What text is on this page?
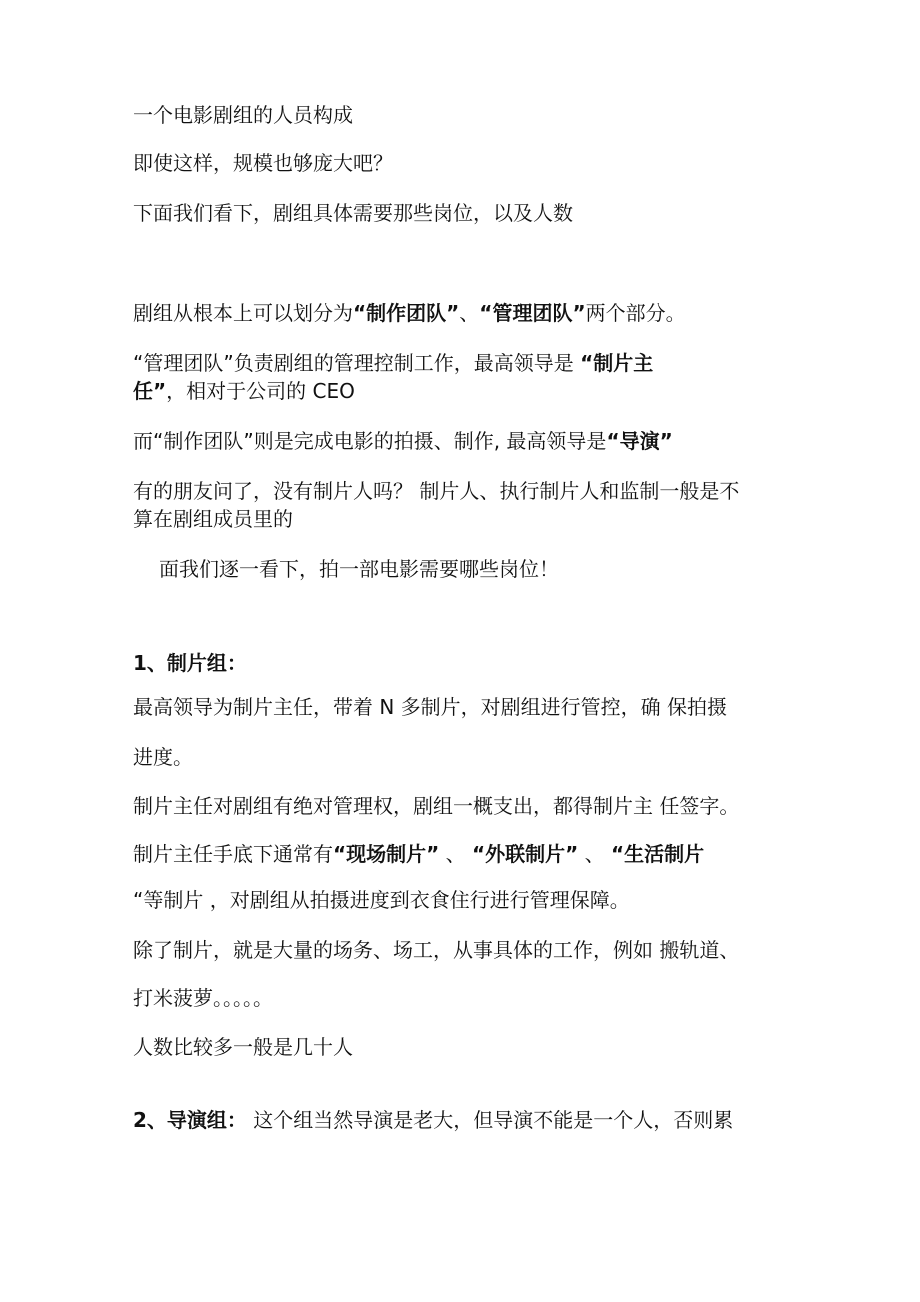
一个电影剧组的人员构成
即使这样，规模也够庞大吧？
下面我们看下，剧组具体需要那些岗位，以及人数
剧组从根本上可以划分为“制作团队”、“管理团队”两个部分。
“管理团队”负责剧组的管理控制工作，最高领导是 “制片主
任”，相对于公司的 CEO
而“制作团队”则是完成电影的拍摄、制作, 最高领导是“导演”
有的朋友问了，没有制片人吗？ 制片人、执行制片人和监制一般是不
算在剧组成员里的
面我们逐一看下，拍一部电影需要哪些岗位！
1、制片组：
最高领导为制片主任，带着 N 多制片，对剧组进行管控，确 保拍摄
进度。
制片主任对剧组有绝对管理权，剧组一概支出，都得制片主 任签字。
制片主任手底下通常有“现场制片” 、 “外联制片” 、 “生活制片
“等制片 ，对剧组从拍摄进度到衣食住行进行管理保障。
除了制片，就是大量的场务、场工，从事具体的工作，例如 搬轨道、
打米菠萝。。。。。
人数比较多一般是几十人
2、导演组： 这个组当然导演是老大，但导演不能是一个人，否则累
